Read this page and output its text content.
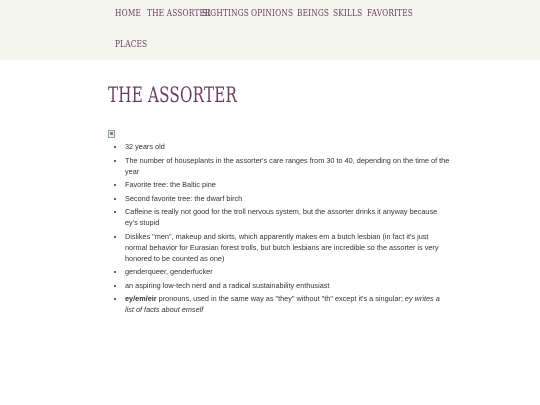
HOME THE ASSORTER
SIGHTINGS OPINIONS BEINGS SKILLS FAVORITES
PLACES
THE ASSORTER
• 32 years old
• The number of houseplants in the assorter's care ranges from 30 to 40, depending on the time of the year
• Favorite tree: the Baltic pine
• Second favorite tree: the dwarf birch
• Caffeine is really not good for the troll nervous system, but the assorter drinks it anyway because ey's stupid
• Dislikes "men", makeup and skirts, which apparently makes em a butch lesbian (in fact it's just normal behavior for Eurasian forest trolls, but butch lesbians are incredible so the assorter is very honored to be counted as one)
• genderqueer, genderfucker
• an aspiring low-tech nerd and a radical sustainability enthusiast
• ey/em/eir pronouns, used in the same way as "they" without "th" except it's a singular; ey writes a list of facts about emself
